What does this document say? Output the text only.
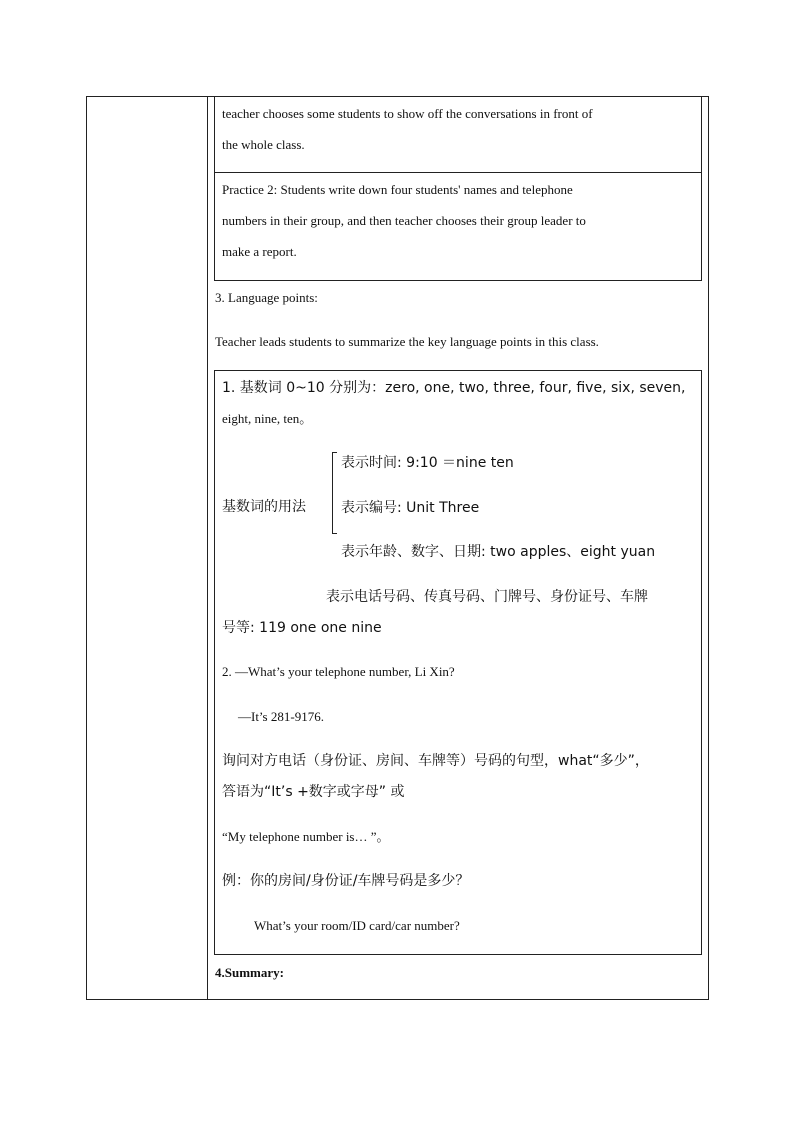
teacher chooses some students to show off the conversations in front of
the whole class.
Practice 2: Students write down four students' names and telephone
numbers in their group, and then teacher chooses their group leader to
make a report.
3. Language points:
Teacher leads students to summarize the key language points in this class.
1. 基数词 0~10 分别为：zero, one, two, three, four, five, six, seven,
eight, nine, ten。
基数词的用法
表示时间: 9:10 ＝nine ten
表示编号: Unit Three
表示年龄、数字、日期: two apples、eight yuan
表示电话号码、传真号码、门牌号、身份证号、车牌
号等: 119 one one nine
2. —What’s your telephone number, Li Xin?
—It’s 281-9176.
询问对方电话（身份证、房间、车牌等）号码的句型，what“多少”，
答语为“It’s +数字或字母” 或
“My telephone number is… ”。
例：你的房间/身份证/车牌号码是多少？
What’s your room/ID card/car number?
4.Summary:
